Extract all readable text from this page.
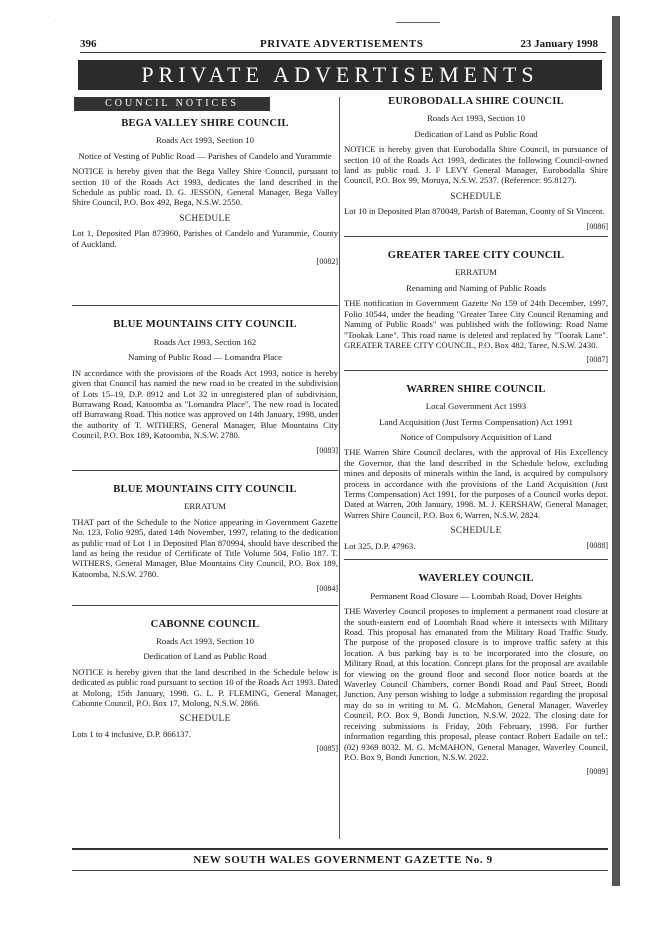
· ·
396	PRIVATE ADVERTISEMENTS	23 January 1998
PRIVATE ADVERTISEMENTS
COUNCIL NOTICES
BEGA VALLEY SHIRE COUNCIL
Roads Act 1993, Section 10
Notice of Vesting of Public Road — Parishes of Candelo and Yurammie

NOTICE is hereby given that the Bega Valley Shire Council, pursuant to section 10 of the Roads Act 1993, dedicates the land described in the Schedule as public road. D. G. JESSON, General Manager, Bega Valley Shire Council, P.O. Box 492, Bega, N.S.W. 2550.

SCHEDULE

Lot 1, Deposited Plan 873960, Parishes of Candelo and Yurammie, County of Auckland.

[0082]

BLUE MOUNTAINS CITY COUNCIL
Roads Act 1993, Section 162
Naming of Public Road — Lomandra Place

IN accordance with the provisions of the Roads Act 1993, notice is hereby given that Council has named the new road to be created in the subdivision of Lots 15–19, D.P. 8912 and Lot 32 in unregistered plan of subdivision, Burrawang Road, Katoomba as "Lomandra Place". The new road is located off Burrawang Road. This notice was approved on 14th January, 1998, under the authority of T. WITHERS, General Manager, Blue Mountains City Council, P.O. Box 189, Katoomba, N.S.W. 2780.

[0083]

BLUE MOUNTAINS CITY COUNCIL
ERRATUM

THAT part of the Schedule to the Notice appearing in Government Gazette No. 123, Folio 9295, dated 14th November, 1997, relating to the dedication as public road of Lot 1 in Deposited Plan 870994, should have described the land as being the residue of Certificate of Title Volume 504, Folio 187. T. WITHERS, General Manager, Blue Mountains City Council, P.O. Box 189, Katoomba, N.S.W. 2780.

[0084]

CABONNE COUNCIL
Roads Act 1993, Section 10
Dedication of Land as Public Road

NOTICE is hereby given that the land described in the Schedule below is dedicated as public road pursuant to section 10 of the Roads Act 1993. Dated at Molong, 15th January, 1998. G. L. P. FLEMING, General Manager, Cabonne Council, P.O. Box 17, Molong, N.S.W. 2866.

SCHEDULE

Lots 1 to 4 inclusive, D.P. 866137.

[0085]

EUROBODALLA SHIRE COUNCIL
Roads Act 1993, Section 10
Dedication of Land as Public Road

NOTICE is hereby given that Eurobodalla Shire Council, in pursuance of section 10 of the Roads Act 1993, dedicates the following Council-owned land as public road. J. F LEVY General Manager, Eurobodalla Shire Council, P.O. Box 99, Moruya, N.S.W. 2537. (Reference: 95.8127).

SCHEDULE

Lot 10 in Deposited Plan 870049, Parish of Bateman, County of St Vincent.

[0086]

GREATER TAREE CITY COUNCIL
ERRATUM
Renaming and Naming of Public Roads

THE notification in Government Gazette No 159 of 24th December, 1997, Folio 10544, under the heading "Greater Taree City Council Renaming and Naming of Public Roads" was published with the following: Road Name "Tookak Lane". This road name is deleted and replaced by "Toorak Lane". GREATER TAREE CITY COUNCIL, P.O. Box 482, Taree, N.S.W. 2430.

[0087]

WARREN SHIRE COUNCIL
Local Government Act 1993
Land Acquisition (Just Terms Compensation) Act 1991
Notice of Compulsory Acquisition of Land

THE Warren Shire Council declares, with the approval of His Excellency the Governor, that the land described in the Schedule below, excluding mines and deposits of minerals within the land, is acquired by compulsory process in accordance with the provisions of the Land Acquisition (Just Terms Compensation) Act 1991, for the purposes of a Council works depot. Dated at Warren, 20th January, 1998. M. J. KERSHAW, General Manager, Warren Shire Council, P.O. Box 6, Warren, N.S.W. 2824.

SCHEDULE

Lot 325, D.P. 47963.	[0088]

WAVERLEY COUNCIL
Permanent Road Closure — Loombah Road, Dover Heights

THE Waverley Council proposes to implement a permanent road closure at the south-eastern end of Loombah Road where it intersects with Military Road. This proposal has emanated from the Military Road Traffic Study. The purpose of the proposed closure is to improve traffic safety at this location. A bus parking bay is to be incorporated into the closure, on Military Road, at this location. Concept plans for the proposal are available for viewing on the ground floor and second floor notice boards at the Waverley Council Chambers, corner Bondi Road and Paul Street, Bondi Junction. Any person wishing to lodge a submission regarding the proposal may do so in writing to M. G. McMahon, General Manager, Waverley Council, P.O. Box 9, Bondi Junction, N.S.W. 2022. The closing date for receiving submissions is Friday, 20th February, 1998. For further information regarding this proposal, please contact Robert Eadaile on tel.: (02) 9369 8032. M. G. McMAHON, General Manager, Waverley Council, P.O. Box 9, Bondi Junction, N.S.W. 2022.

[0089]

NEW SOUTH WALES GOVERNMENT GAZETTE No. 9
